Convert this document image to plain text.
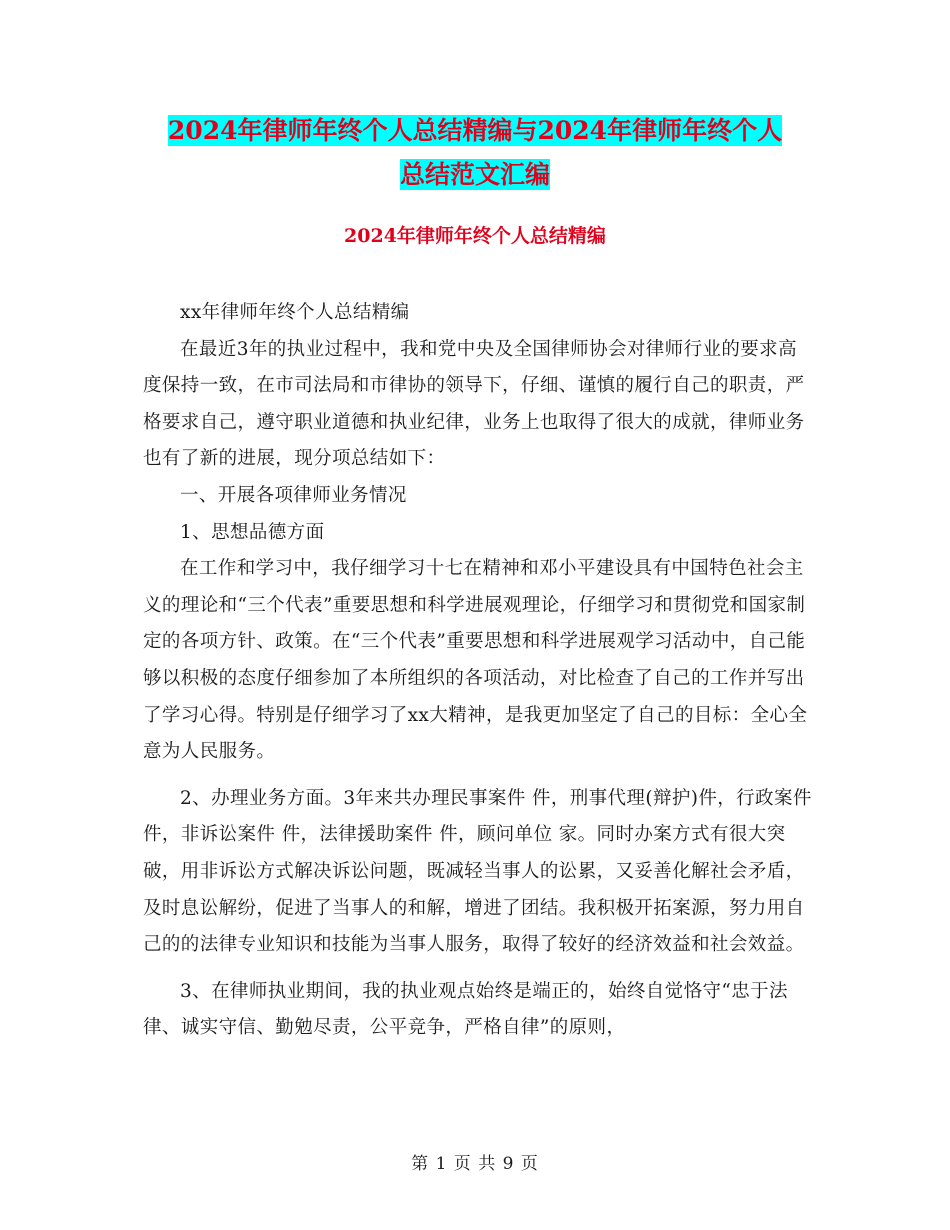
2024年律师年终个人总结精编与2024年律师年终个人
总结范文汇编
2024年律师年终个人总结精编

xx年律师年终个人总结精编

在最近3年的执业过程中，我和党中央及全国律师协会对律师行业的要求高度保持一致，在市司法局和市律协的领导下，仔细、谨慎的履行自己的职责，严格要求自己，遵守职业道德和执业纪律，业务上也取得了很大的成就，律师业务也有了新的进展，现分项总结如下：

一、开展各项律师业务情况

1、思想品德方面

在工作和学习中，我仔细学习十七在精神和邓小平建设具有中国特色社会主义的理论和“三个代表”重要思想和科学进展观理论，仔细学习和贯彻党和国家制定的各项方针、政策。在“三个代表”重要思想和科学进展观学习活动中，自己能够以积极的态度仔细参加了本所组织的各项活动，对比检查了自己的工作并写出了学习心得。特别是仔细学习了xx大精神，是我更加坚定了自己的目标：全心全意为人民服务。

2、办理业务方面。3年来共办理民事案件 件，刑事代理(辩护)件，行政案件 件，非诉讼案件 件，法律援助案件 件，顾问单位 家。同时办案方式有很大突破，用非诉讼方式解决诉讼问题，既减轻当事人的讼累，又妥善化解社会矛盾，及时息讼解纷，促进了当事人的和解，增进了团结。我积极开拓案源，努力用自己的的法律专业知识和技能为当事人服务，取得了较好的经济效益和社会效益。

3、在律师执业期间，我的执业观点始终是端正的，始终自觉恪守“忠于法律、诚实守信、勤勉尽责，公平竞争，严格自律”的原则，

第 1 页 共 9 页
